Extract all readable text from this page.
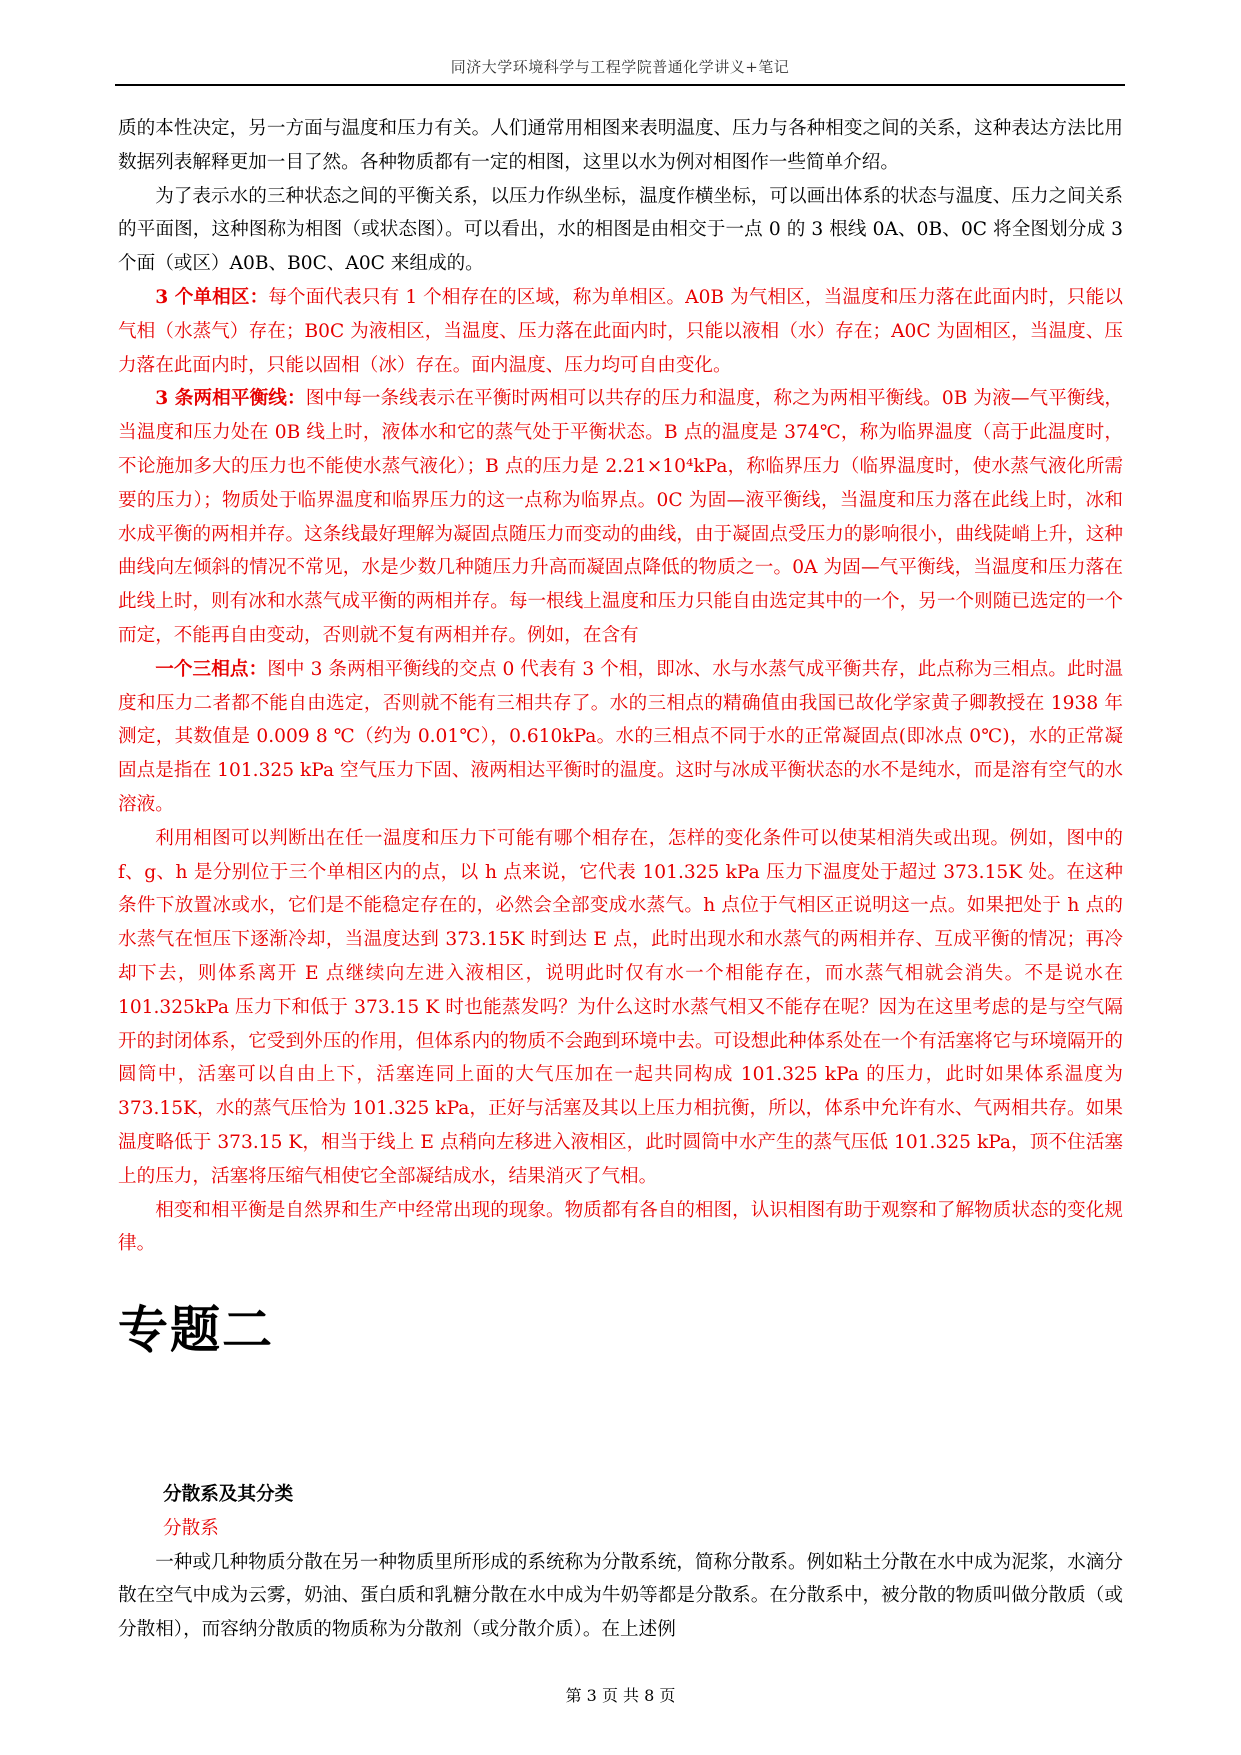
同济大学环境科学与工程学院普通化学讲义+笔记

质的本性决定，另一方面与温度和压力有关。人们通常用相图来表明温度、压力与各种相变之间的关系，这种表达方法比用数据列表解释更加一目了然。各种物质都有一定的相图，这里以水为例对相图作一些简单介绍。

为了表示水的三种状态之间的平衡关系，以压力作纵坐标，温度作横坐标，可以画出体系的状态与温度、压力之间关系的平面图，这种图称为相图（或状态图）。可以看出，水的相图是由相交于一点 0 的 3 根线 0A、0B、0C 将全图划分成 3 个面（或区）A0B、B0C、A0C 来组成的。

3 个单相区：每个面代表只有 1 个相存在的区域，称为单相区。A0B 为气相区，当温度和压力落在此面内时，只能以气相（水蒸气）存在；B0C 为液相区，当温度、压力落在此面内时，只能以液相（水）存在；A0C 为固相区，当温度、压力落在此面内时，只能以固相（冰）存在。面内温度、压力均可自由变化。

3 条两相平衡线：图中每一条线表示在平衡时两相可以共存的压力和温度，称之为两相平衡线。0B 为液—气平衡线，当温度和压力处在 0B 线上时，液体水和它的蒸气处于平衡状态。B 点的温度是 374℃，称为临界温度（高于此温度时，不论施加多大的压力也不能使水蒸气液化）；B 点的压力是 2.21×10⁴kPa，称临界压力（临界温度时，使水蒸气液化所需要的压力）；物质处于临界温度和临界压力的这一点称为临界点。0C 为固—液平衡线，当温度和压力落在此线上时，冰和水成平衡的两相并存。这条线最好理解为凝固点随压力而变动的曲线，由于凝固点受压力的影响很小，曲线陡峭上升，这种曲线向左倾斜的情况不常见，水是少数几种随压力升高而凝固点降低的物质之一。0A 为固—气平衡线，当温度和压力落在此线上时，则有冰和水蒸气成平衡的两相并存。每一根线上温度和压力只能自由选定其中的一个，另一个则随已选定的一个而定，不能再自由变动，否则就不复有两相并存。例如，在含有

一个三相点：图中 3 条两相平衡线的交点 0 代表有 3 个相，即冰、水与水蒸气成平衡共存，此点称为三相点。此时温度和压力二者都不能自由选定，否则就不能有三相共存了。水的三相点的精确值由我国已故化学家黄子卿教授在 1938 年测定，其数值是 0.009 8 ℃（约为 0.01℃），0.610kPa。水的三相点不同于水的正常凝固点(即冰点 0℃)，水的正常凝固点是指在 101.325 kPa 空气压力下固、液两相达平衡时的温度。这时与冰成平衡状态的水不是纯水，而是溶有空气的水溶液。

利用相图可以判断出在任一温度和压力下可能有哪个相存在，怎样的变化条件可以使某相消失或出现。例如，图中的 f、g、h 是分别位于三个单相区内的点，以 h 点来说，它代表 101.325 kPa 压力下温度处于超过 373.15K 处。在这种条件下放置冰或水，它们是不能稳定存在的，必然会全部变成水蒸气。h 点位于气相区正说明这一点。如果把处于 h 点的水蒸气在恒压下逐渐冷却，当温度达到 373.15K 时到达 E 点，此时出现水和水蒸气的两相并存、互成平衡的情况；再冷却下去，则体系离开 E 点继续向左进入液相区，说明此时仅有水一个相能存在，而水蒸气相就会消失。不是说水在 101.325kPa 压力下和低于 373.15 K 时也能蒸发吗？为什么这时水蒸气相又不能存在呢？因为在这里考虑的是与空气隔开的封闭体系，它受到外压的作用，但体系内的物质不会跑到环境中去。可设想此种体系处在一个有活塞将它与环境隔开的圆筒中，活塞可以自由上下，活塞连同上面的大气压加在一起共同构成 101.325 kPa 的压力，此时如果体系温度为 373.15K，水的蒸气压恰为 101.325 kPa，正好与活塞及其以上压力相抗衡，所以，体系中允许有水、气两相共存。如果温度略低于 373.15 K，相当于线上 E 点稍向左移进入液相区，此时圆筒中水产生的蒸气压低 101.325 kPa，顶不住活塞上的压力，活塞将压缩气相使它全部凝结成水，结果消灭了气相。

相变和相平衡是自然界和生产中经常出现的现象。物质都有各自的相图，认识相图有助于观察和了解物质状态的变化规律。

专题二

分散系及其分类

分散系

一种或几种物质分散在另一种物质里所形成的系统称为分散系统，简称分散系。例如粘土分散在水中成为泥浆，水滴分散在空气中成为云雾，奶油、蛋白质和乳糖分散在水中成为牛奶等都是分散系。在分散系中，被分散的物质叫做分散质（或分散相），而容纳分散质的物质称为分散剂（或分散介质）。在上述例

第 3 页 共 8 页
